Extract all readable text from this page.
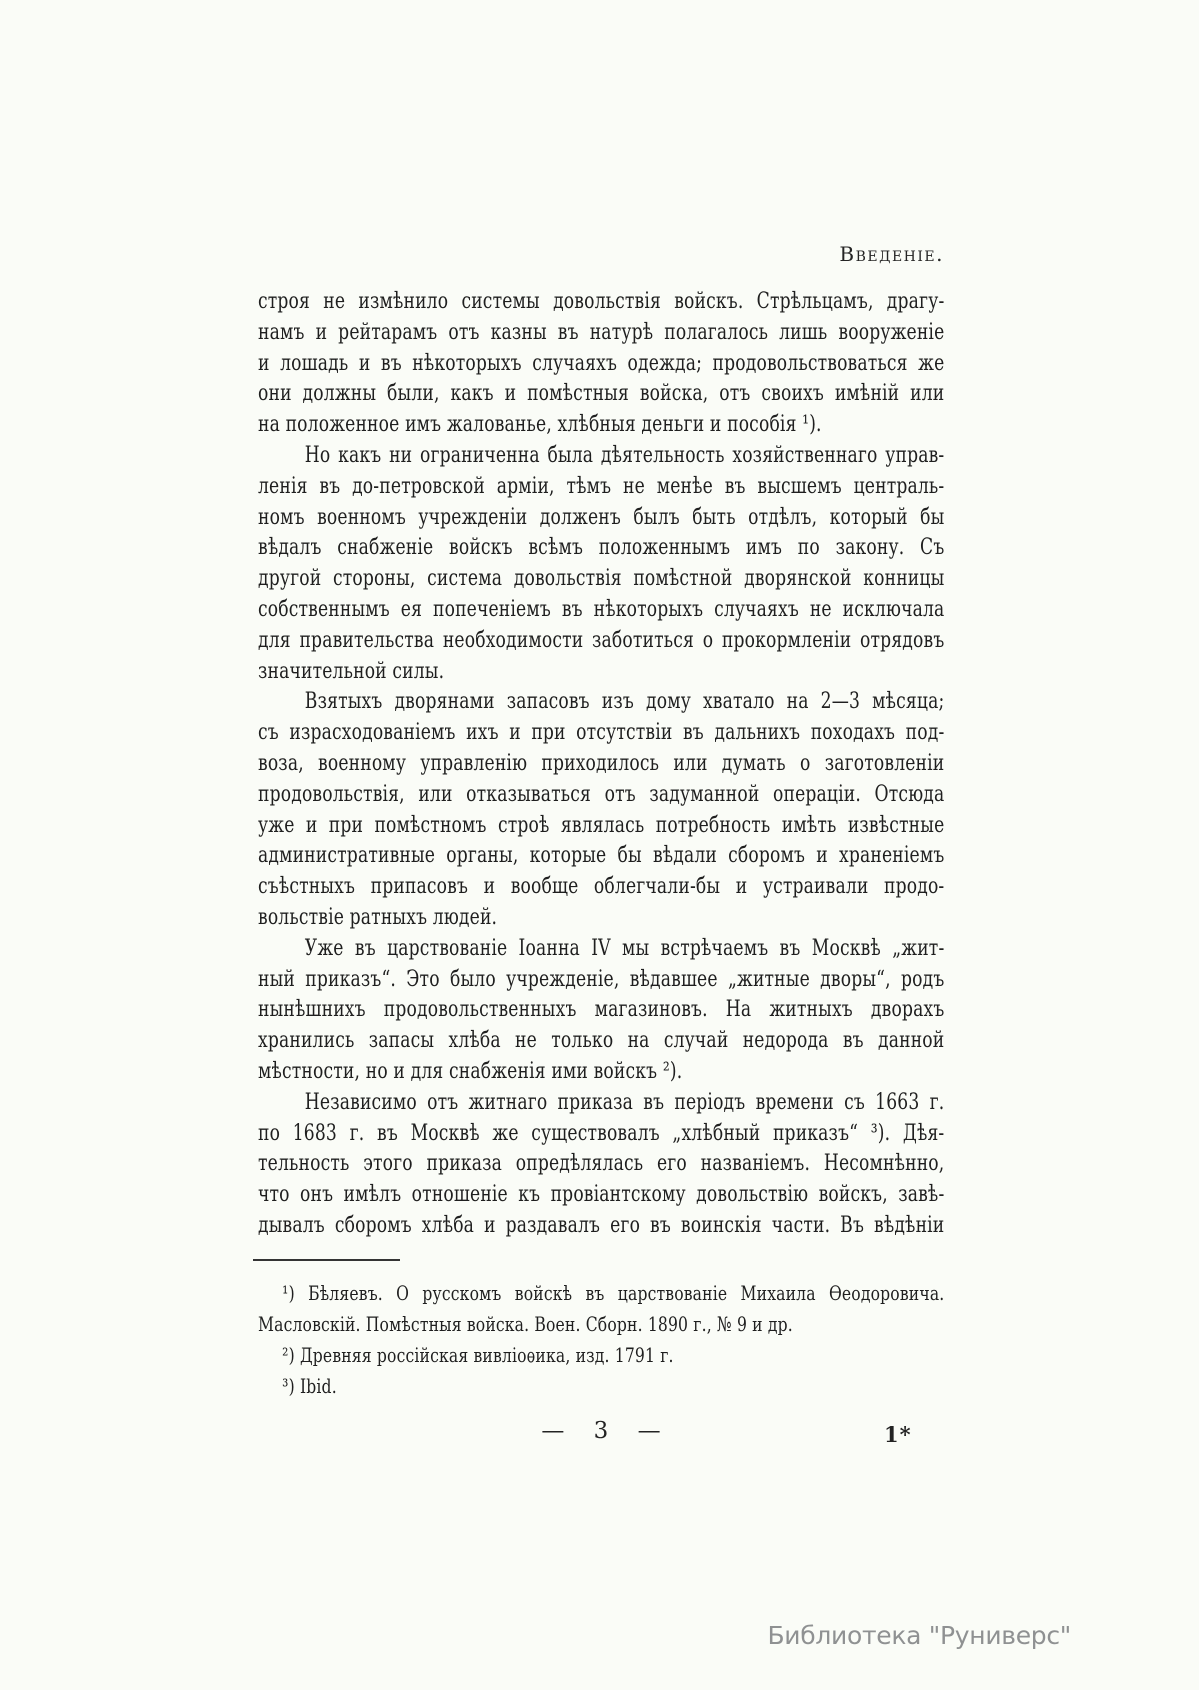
Введеніе.
строя не измѣнило системы довольствія войскъ. Стрѣльцамъ, драгу-
намъ и рейтарамъ отъ казны въ натурѣ полагалось лишь вооруженіе
и лошадь и въ нѣкоторыхъ случаяхъ одежда; продовольствоваться же
они должны были, какъ и помѣстныя войска, отъ своихъ имѣній или
на положенное имъ жалованье, хлѣбныя деньги и пособія ¹).
Но какъ ни ограниченна была дѣятельность хозяйственнаго управ-
ленія въ до-петровской арміи, тѣмъ не менѣе въ высшемъ централь-
номъ военномъ учрежденіи долженъ былъ быть отдѣлъ, который бы
вѣдалъ снабженіе войскъ всѣмъ положеннымъ имъ по закону. Съ
другой стороны, система довольствія помѣстной дворянской конницы
собственнымъ ея попеченіемъ въ нѣкоторыхъ случаяхъ не исключала
для правительства необходимости заботиться о прокормленіи отрядовъ
значительной силы.
Взятыхъ дворянами запасовъ изъ дому хватало на 2—3 мѣсяца;
съ израсходованіемъ ихъ и при отсутствіи въ дальнихъ походахъ под-
воза, военному управленію приходилось или думать о заготовленіи
продовольствія, или отказываться отъ задуманной операціи. Отсюда
уже и при помѣстномъ строѣ являлась потребность имѣть извѣстные
административные органы, которые бы вѣдали сборомъ и храненіемъ
съѣстныхъ припасовъ и вообще облегчали-бы и устраивали продо-
вольствіе ратныхъ людей.
Уже въ царствованіе Іоанна IV мы встрѣчаемъ въ Москвѣ „жит-
ный приказъ“. Это было учрежденіе, вѣдавшее „житные дворы“, родъ
нынѣшнихъ продовольственныхъ магазиновъ. На житныхъ дворахъ
хранились запасы хлѣба не только на случай недорода въ данной
мѣстности, но и для снабженія ими войскъ ²).
Независимо отъ житнаго приказа въ періодъ времени съ 1663 г.
по 1683 г. въ Москвѣ же существовалъ „хлѣбный приказъ“ ³). Дѣя-
тельность этого приказа опредѣлялась его названіемъ. Несомнѣнно,
что онъ имѣлъ отношеніе къ провіантскому довольствію войскъ, завѣ-
дывалъ сборомъ хлѣба и раздавалъ его въ воинскія части. Въ вѣдѣніи
¹) Бѣляевъ. О русскомъ войскѣ въ царствованіе Михаила Ѳеодоровича.
Масловскій. Помѣстныя войска. Воен. Сборн. 1890 г., № 9 и др.
²) Древняя россійская вивліоѳика, изд. 1791 г.
³) Ibid.
— 3 —	1*
Библиотека "Руниверс"
